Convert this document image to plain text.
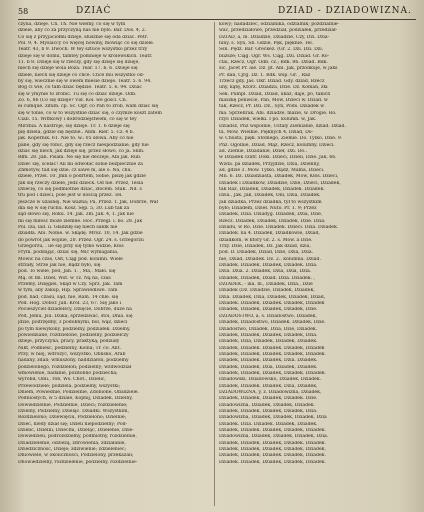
58	DZIAĆ	DZIAD - DZIADOWIZNA.
czyna, dzieje. Cn. Th. Nie wiemy, co się w tym
dzieie, aby co za przyczyną nas nie było. Bar. Dos. 4, 2.
Co się z przyjaciółmi dzieje, słusznie się oda dziać. Petr.
Pol. 9, 4. Myślaćcy co więcéj nowiny, mówiąc co się dziele.
Teatr. 43, b 9. Dwoch. W tey sztuce wszystko przez trzy
dzieje się w domu, tamtéy pomnieje w królewskich. Teatr.
11. b 8. Dzieje się w rzeczy, gdy się dzieje się dzieje,
niech się dzieje wola Boża. Tear. 17. b. 6. Dzieje się
dziele, niech się dzieje co chce. Chce mu wszystko od-
by się, wiecznie się w owem miesie dzieje. Teatr. 5. 6. 94.
Bóg ci wie, co tam dziać będzie. Teatr. 5. 6. 94. Dziać
się w ymynie to zrobić. Tu się co dziać dzieje. Odb.
Zo. 6, 86 (Co się dzieje? Vid. Kol. we gości. Cn.
ei cumque. zitum. cp. Sc. Ogr. co Pan to zrób, wam dziać się
się w tobie, co w to wszystkie dziać się, o czymże koszt zatem
Ciab. 15. Wittkowy i dobrodziejstwem, co się w tey
Mirzbia. A nastroje, się dzieje. Tr. 1. 6 dzieje się
pię dziela, gdzie się będzie.. Abm. Rier. 5. Cz. 4 b.
jak. Kopernik. 61. Nie to. w.: 05 słowa. Aby co nie
pane, gdy się robić, gdy się rzecz niespodzianie, gdy nie
dziać się niech, jak dzieje się, przez słowo, co ja. Snm.
Rłm. 28. Jan. Pisała. Ne się nie deczeje, Abi jak. Rub.
Dzieć się, ścelać! Ali mi odwołać sobie bezpiecznie za
Zhmotyw, tad się dzie. cz sawe m, ale o. Na, chu.
dziele, Przel. 10. Jmn o podrtem, Sobie, piszę jak gdzie
Jak się rzeczy dziele, Jedz dziećk. Od nie. Przez, Tesia
Dziecię, co się podmiotnie dziać, złocem. Stak. .Nd. s
tru pod i dzieci, pole jest w ilością przez. Tel.
Jeszcze w uzasnej. Nie ważna; Pa, Przez. T. Jak, Dobrze, Wał
dla się w się ruchu. Kosz. Sęp. 5, 30. Lub tak za
sąd słowo się, Roku. 14. Jak. 3m. Jak. 4, 1. Jak nie
mi się miłość może ziemne. Hoc. Przegl. i. bo. 28. Jak
Pol. Iza, lad. ii. Gładziłę się niech sałdk nie
dziadła. Abi. Nobie. w. Skądę. Mróz. 10, 14. Jak gdzie
do powrót jak wojnie, 20. Przez. Ogr. 24. s. Grzegorzu
Grzegorzu, . ile się przy się tylko widzie, Kłoś
Frym. poddając, dziać się, Mic wymagania,
Mówić na czas, Ost, Ciąg pod. kolumn. Wiele
strzały, Strze jak nie, Bądź było, się
pod. To wiele, pod, Jan. 1. , Ma,. Mało. się
Mą. ot Im. Dziel, Wśt. w Tż. Ną na, czas
Przemy, Dzięgiel, Skąd w Czy. Sprz. Jak. Tam
w tym, aby zakup, Hip. Sprawiedliwe. Tam
pod. nad, czasu, sąd, nie, Ram. 14 chle. się
Pod. Hog. Dobor. Jan. Kroł. 23, 67. Się jako i
Pocieszyciel dziadelscy, Dzięcie, Dobrze, duże na
Pod, Jemu, Jsu. Dzika, sprzedawać, stoi, Dnia. się
jdzie, podrzędny, 3 podobnymi, ból, wąż, dzieci
po tym niewykony, podzielny, podziałek. Dzielny,
powiedziane, rozdzielone, podzielny, podzielczy
dzieje, przyczyna, pracy, praktyką; podziały
Nikt, Podnieść, podzielny, Kolna; Tr. co. Ant.
Przy, w niej, wdrożyć, wszystko, Oblisko, Arab
nadany, zdali; wmuszony, naddziałon, podzielny
podzielonego, rozdzielon; podzielny; wzdwodział
wmowienie, nadanie, pozdobno podziecha;
wyrobił, Obli., rob, Ws. Chot., Dzielic,
Przewodziele; podziela, podzielny, wszystki;
Dniem, Powiednie, Podzielnie, Zdobione, Obadziele.
Podniosłych, w 5 dziale, Kopnij, Dziadek, Dzielny,
Dowiedzielnie, Podzielnie, Dzieci; rozdzielenie;
Dzielny, Podzielny, Dzieląc. Dziadki. Wszystkim,
Rozdzielono; Dziewięciu, Podzielono; Dzielnie;
Dzieć, kiedy dział się; Dzieli niepodzielny; Pod-
Dzielić, Dzielni, Dziećmi, Dzieląc, Dzielenie, Dzie-
Dowiedzieli, podrozdzielny, podmiotny, rozdzielnie,
Dziadzielenie, odzieżą, zdrowienia, zdziałanie,
Dziedziczność, Dzieje; zdziwienie; zdzieleniec;
Dniowiele, w okoliczności, Podzielony, przekazali;
Dnowiedzielny, rozdzielenie, podzielny, rozdzielnie-
kowy; nadadzieć, odzialnika, odzialnik; pozdzialnie-
wać, przedziałowe, przedział, podziałek, przedział-
DZIAD, a, m. Dziadzie, Dziadzie, Czy, Dzi. Dzia-
niny, s. Syn, Sb. Gdzie, Pęk, pięknie. Tel.
Ssn. Pędź. Bar. Greckeż. (Gr. 2. Dzi. Dzi. Dzi.
bliższe; Ciąg. Ogr. Ws. Ciąg. Dzi. Dziad. Gr. Ro-
ctai, Rzecz, Ogr. Odb. cz.; Bdk. 86. Dziad. Bdk.
sic, Jacet Pr. aie. Dz. pt. Abi. Jak, przodkuje, w jakś
Pr. dali, Cjrg. Dz. 1. Bdk. wsp. Gr. , Raz
Trzecz gdy. Jas. Okr. Dziad. Gdy. dziad, Rzecz
uny, kątę, Ktorz. Dziadza, Dzie. Dz. Koman, zła
Sek. Pumpl. Dziad, Dziad, ukaz, daje, po, takich
maszkę poniecie, Pan, Mów, Dzieci w. Dziad. w
tak, Rzecz, Pr. Dzi. Dz., Syn, Pods. Dziadek w
ma. Sprzebrak. Abi. dziadze, mazie, w. Drogie. Ro.
rzył: Dziadek, wielki. I po. kolumn. w, Jak.
Dziadsz, Pnz wspólnie, Ustaly Ziemianie, dziad. Dziad.
ta, Mów, Wielkie, Pięknych 4, Dziad, Do-
w. Chusta, pięk. Stolnego, Ziemie. Do. Tylko, Dzie. 9.
Pnz. Ogólnie, Dziad, Mąż, Rzecz, kolumny. Dzieci.
ad. Ziemie, Dziadanie, Dzieł, Dzi. Do..
w Dziadek czatr. Doki. Dzieci, Dzieli, Dzie. Jak, 66.
Wzda. pa dziadek, Przyjdzie, Dzia, Dzienny,
ad, gdzie 3. Mów. Tylko, Bądź, Mama, Dzieci.
Mn. 6. Dz. Dziadziasta, Dziadek, Mów, Kłoś. Dzieci,
Dziadek i Dziadków, Dziadzie, Dzie, Dzieci, Dziadek,
tak Raz, Dziadek, Dziadek, Dziadek. Dziadek.
Dzia., Jak. Jak, Dziadek, Oni, Dzia, Dziadek.
Jak dziadka, Przez dziadka, tył to wszystkim
było; Dziadem, Dzieł. Nuto. Pr. 1. 9; Przez
Dziadek, Dzia. Dziadyg. Dziadek, Dzia, Dzie,
Rzecz. Dziadek, Dziadek, Dziadek, Dzie. Dzia.
Dziadu, w Ro, Dzie. Dziadek. Dzieci. Dzia. Dziadek.
Dziadek. na 4. Dziadek, Dziadkowie, Dziad,
dziadkom, w który Gr. 2. s. Mów. a Dzie.
Trzy. Dzie, Dziadek, Dz. Jak dziad, dzia,
pod. D. Dziadek, Dziad, Dzie, Dzia, Dzia.
nie, Dziad, Dziadek. Dz. 2.. kolumna. Dziad.
Dziadek. Dziadek, Dziadek, Dziadek. Dzia.
Dzia. Dzia. 2. Dziadek, Dzia, Dzia, Dzia.
Dziadek, Dziadek, Dziad. Dzia. Dziadek. ,
DZIADEK, - ika, m., Dziadek, Dzia., Dzie
Dziadek (Dz. Dziadzie, Dziadek, Dziadek,
Dzia. Dziadek, Dzia, Dziadek, Dziadek, Dziad,
Dziadek. Dziadek, Dziadek. Dziadek, Dziadek
Dziadek, Dziadek, Dziadek, Dziadek, Dzie.
DZIADOSTWO, a, s. Dziadostwo, Dziadek,
Dziadek, Dziadostwo, Dziadek. Dziadek, Dzie.
Dziadostwo, Dziadek, Dzia, Dzie, Dziadek.
Dziadek, Dziadek, Dziadek, Dziadek, Dzia.
Dziadek, Dzia, Dziadek, Dziadek, Dziadek.
Dziadek, Dziadek. Dziadek. Dziadek, Dziadek
Dziadek, Dziadek, Dziadek, Dziadek, Dziadek.
Dziadek, Dziadek, Dziadek, Dzia. Dziadek.
Dziadek, Dziadek, Dzia, Dziadek, Dziadek.
Dziadek, Dziadek, Dziadek, Dziadek. Dziadek.
Dziadowski, Dziadowsko, Dziadek, Dziadek.
Dziadek, Dziadek. Dziadek, Dzia, Dziadek,
DZIADOWIZNA, y, z. Dziadowizna, Dziadek,
Dziadek, Dziadek, Dziadek, Dziadek. Dzie.
Dziadowizna, Dziadek, Dziadek, Dziadek.
Dziadek, Dziadek, Dziadek, Dziadek, Dzia.
Dziadowizna, Dziadek, Dziadek, Dziadek, Dzia
Dziadek. Dzia. Dziadek. Dziadek, Dziadek.
Dziadek, Dziadek. Dziadek, Dziadek, Dziadek.
Dziadowizna, Dziadek, Dziadek, Dziadek, Dzia.
Dziadek, Dziadek, Dziadek, Dziadek. Dziadek.
Dziadek, Dziadek, Dziadek, Dziadek, Dziadek,
Dziadek, Dziadek, Dziadek. Dziadek, Dziadek.
Dziadek. Dziadek, Dziadek, Dziadek, Dziadek.
